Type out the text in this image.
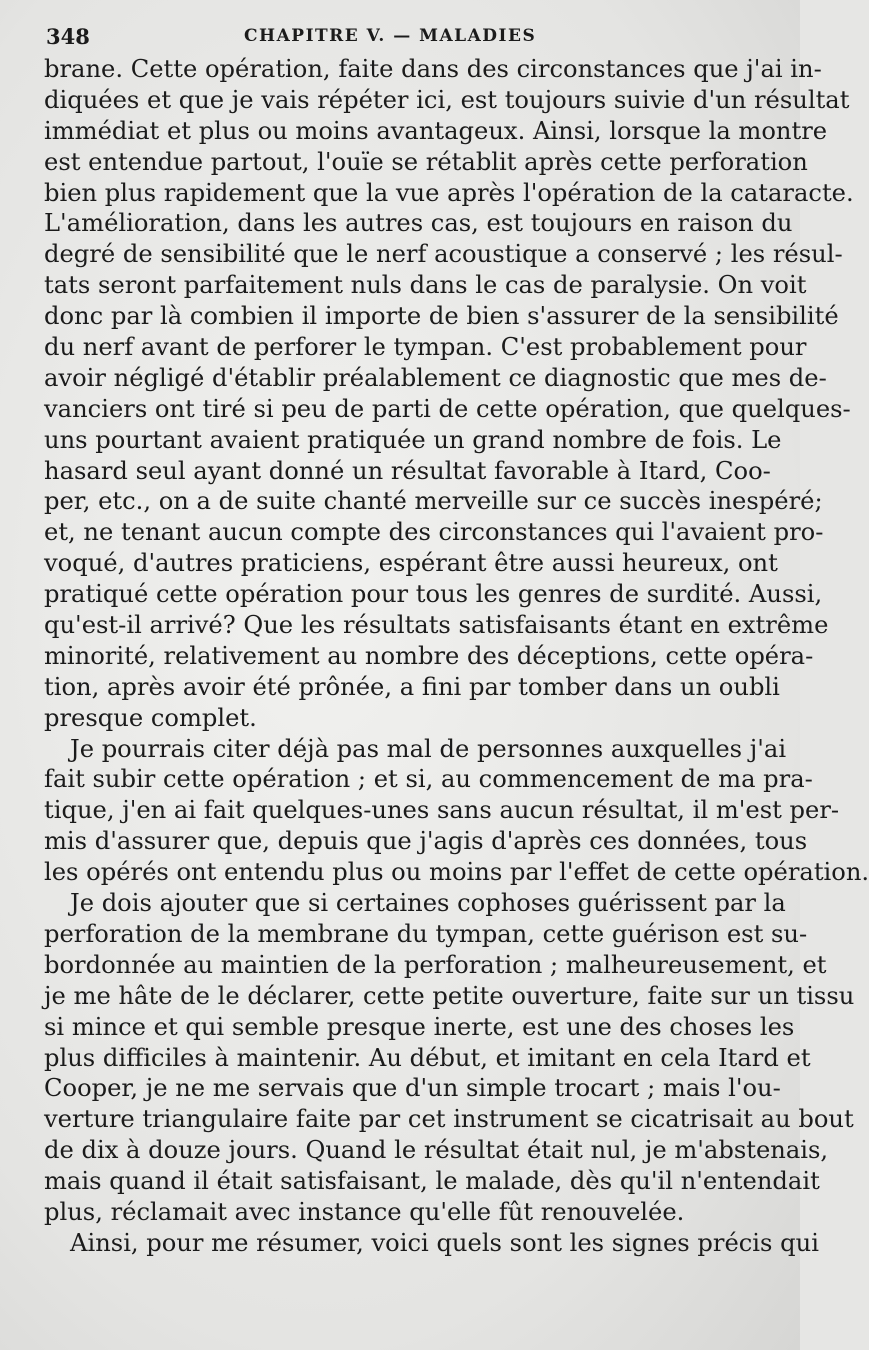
348	CHAPITRE V. — MALADIES
brane. Cette opération, faite dans des circonstances que j'ai in-
diquées et que je vais répéter ici, est toujours suivie d'un résultat
immédiat et plus ou moins avantageux. Ainsi, lorsque la montre
est entendue partout, l'ouïe se rétablit après cette perforation
bien plus rapidement que la vue après l'opération de la cataracte.
L'amélioration, dans les autres cas, est toujours en raison du
degré de sensibilité que le nerf acoustique a conservé ; les résul-
tats seront parfaitement nuls dans le cas de paralysie. On voit
donc par là combien il importe de bien s'assurer de la sensibilité
du nerf avant de perforer le tympan. C'est probablement pour
avoir négligé d'établir préalablement ce diagnostic que mes de-
vanciers ont tiré si peu de parti de cette opération, que quelques-
uns pourtant avaient pratiquée un grand nombre de fois. Le
hasard seul ayant donné un résultat favorable à Itard, Coo-
per, etc., on a de suite chanté merveille sur ce succès inespéré;
et, ne tenant aucun compte des circonstances qui l'avaient pro-
voqué, d'autres praticiens, espérant être aussi heureux, ont
pratiqué cette opération pour tous les genres de surdité. Aussi,
qu'est-il arrivé? Que les résultats satisfaisants étant en extrême
minorité, relativement au nombre des déceptions, cette opéra-
tion, après avoir été prônée, a fini par tomber dans un oubli
presque complet.
Je pourrais citer déjà pas mal de personnes auxquelles j'ai
fait subir cette opération ; et si, au commencement de ma pra-
tique, j'en ai fait quelques-unes sans aucun résultat, il m'est per-
mis d'assurer que, depuis que j'agis d'après ces données, tous
les opérés ont entendu plus ou moins par l'effet de cette opération.
Je dois ajouter que si certaines cophoses guérissent par la
perforation de la membrane du tympan, cette guérison est su-
bordonnée au maintien de la perforation ; malheureusement, et
je me hâte de le déclarer, cette petite ouverture, faite sur un tissu
si mince et qui semble presque inerte, est une des choses les
plus difficiles à maintenir. Au début, et imitant en cela Itard et
Cooper, je ne me servais que d'un simple trocart ; mais l'ou-
verture triangulaire faite par cet instrument se cicatrisait au bout
de dix à douze jours. Quand le résultat était nul, je m'abstenais,
mais quand il était satisfaisant, le malade, dès qu'il n'entendait
plus, réclamait avec instance qu'elle fût renouvelée.
Ainsi, pour me résumer, voici quels sont les signes précis qui
